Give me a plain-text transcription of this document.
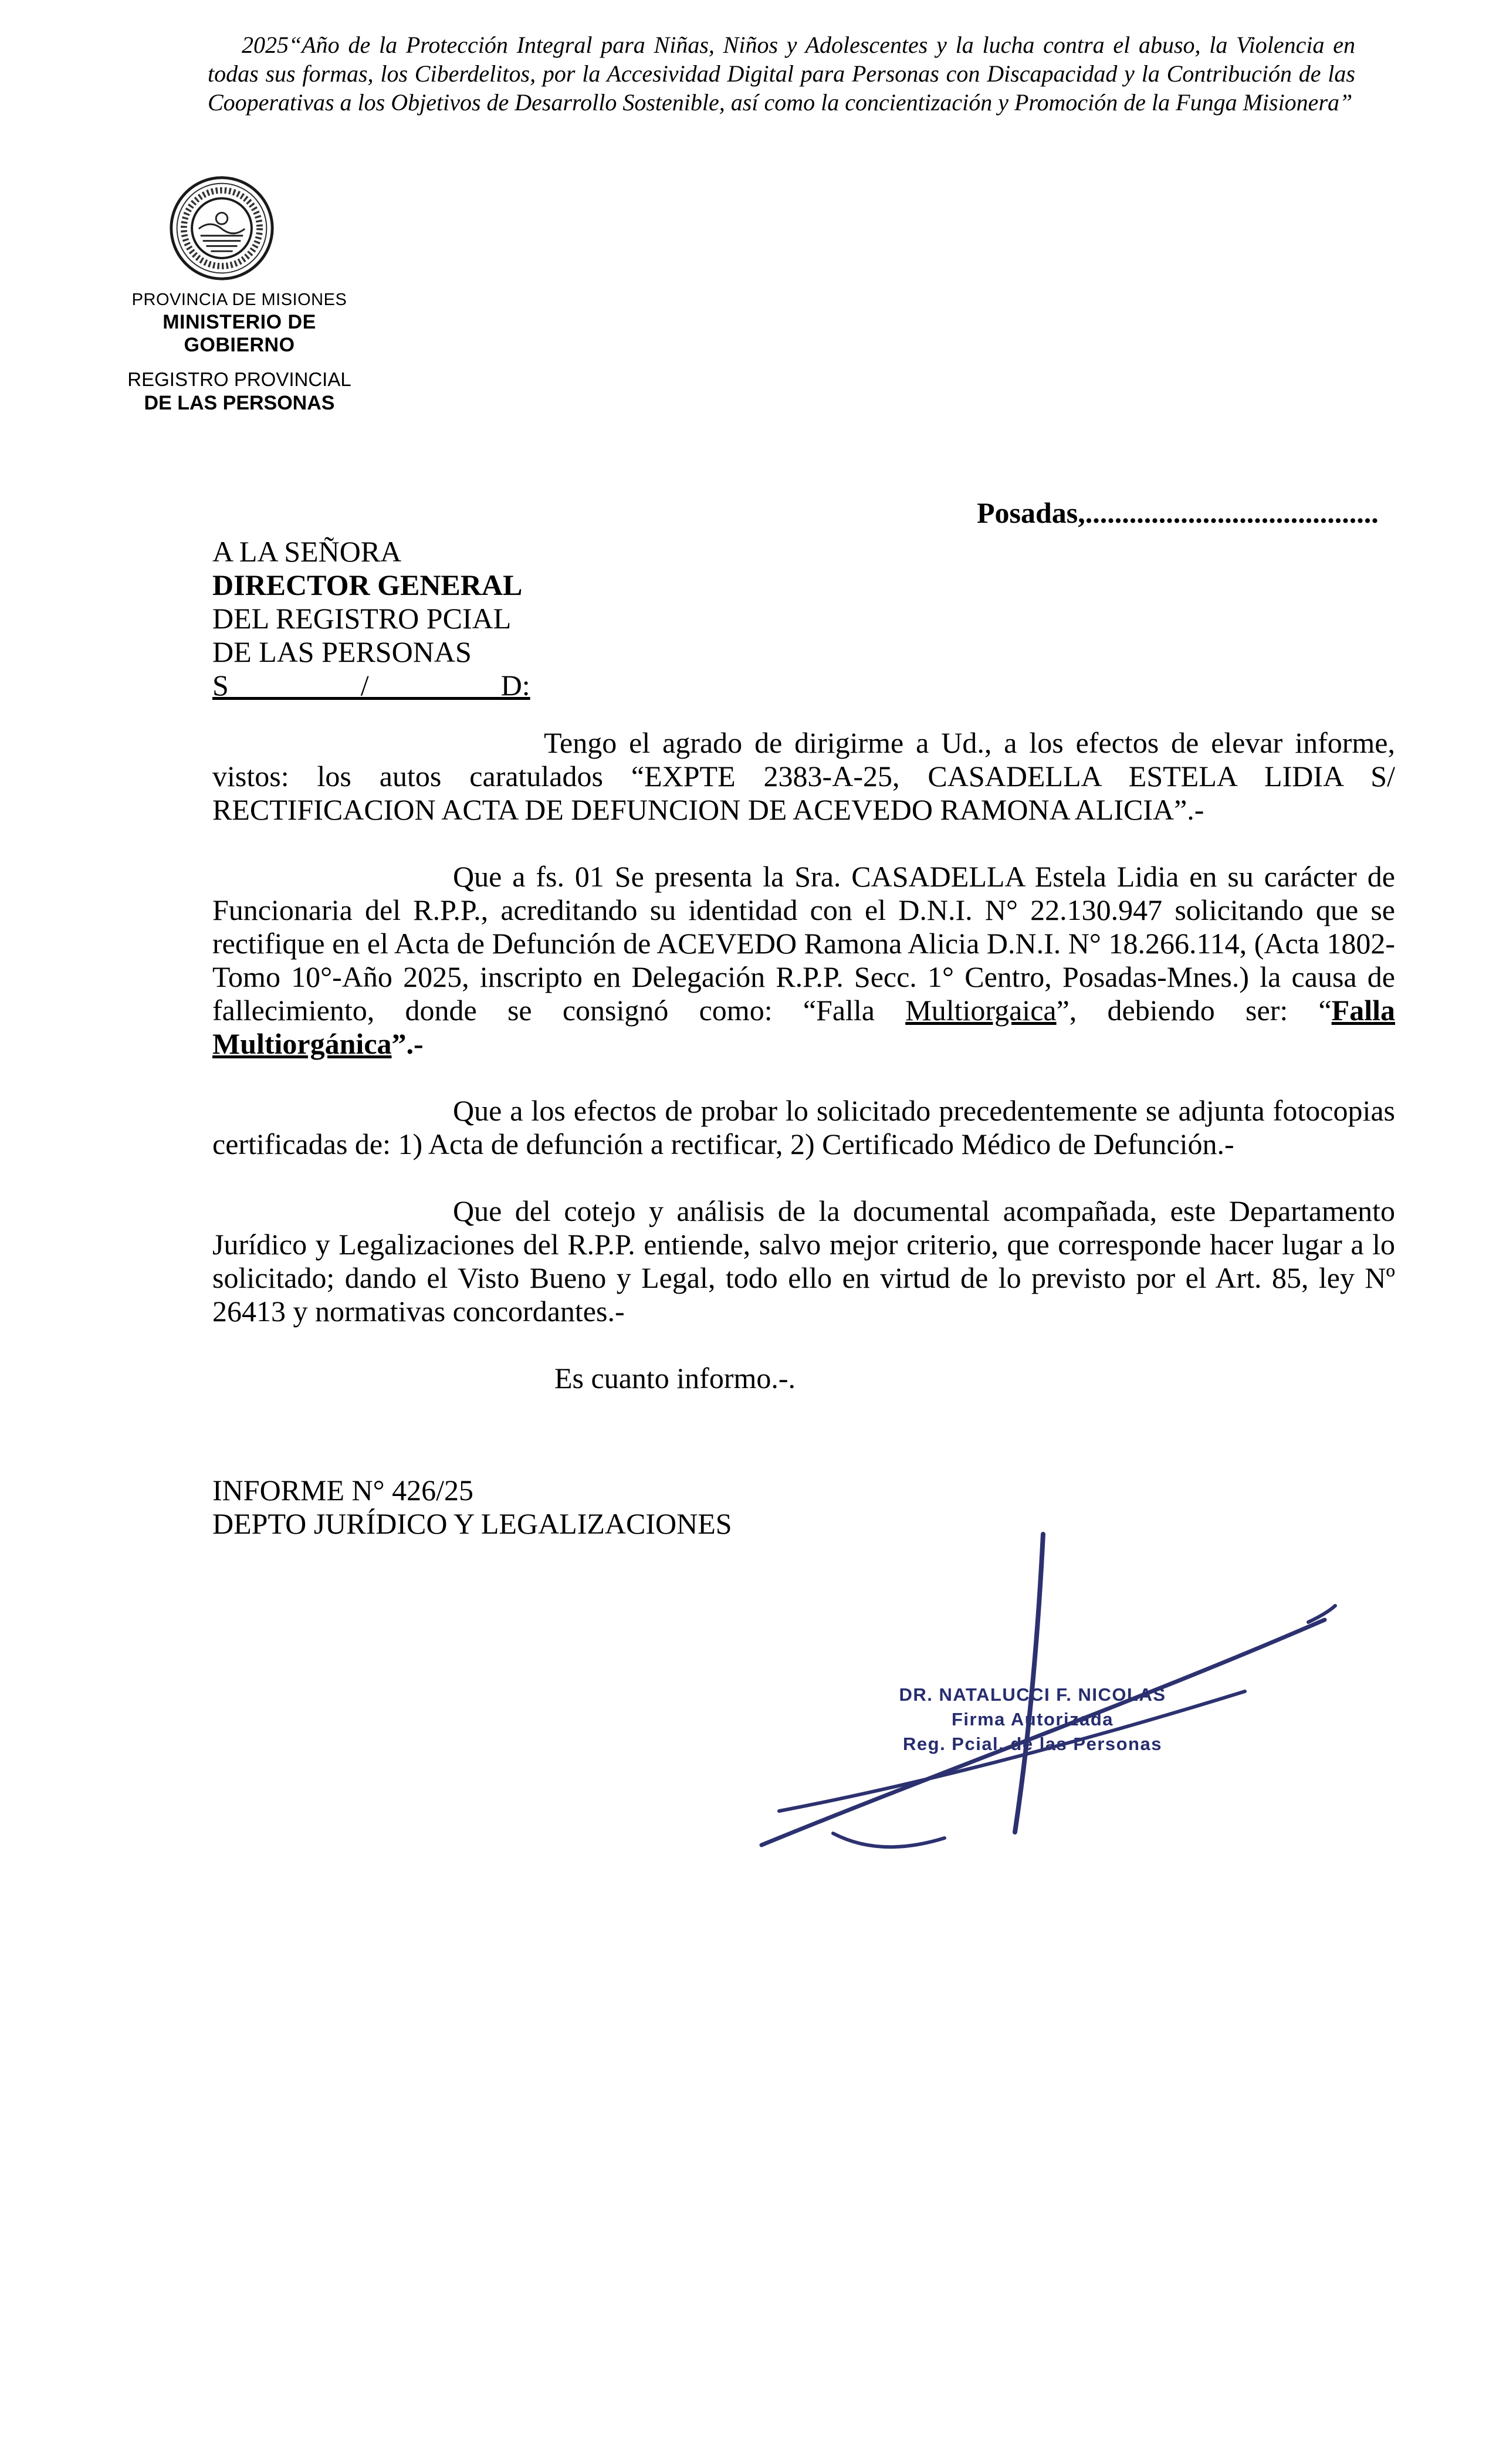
2025“Año de la Protección Integral para Niñas, Niños y Adolescentes y la lucha contra el abuso, la Violencia en todas sus formas, los Ciberdelitos, por la Accesividad Digital para Personas con Discapacidad y la Contribución de las Cooperativas a los Objetivos de Desarrollo Sostenible, así como la concientización y Promoción de la Funga Misionera”
PROVINCIA DE MISIONES
MINISTERIO DE GOBIERNO
REGISTRO PROVINCIAL
DE LAS PERSONAS
Posadas,........................................
A LA SEÑORA
DIRECTOR GENERAL
DEL REGISTRO PCIAL
DE LAS PERSONAS
S                  /                  D:

Tengo el agrado de dirigirme a Ud., a los efectos de elevar informe, vistos: los autos caratulados “EXPTE 2383-A-25, CASADELLA ESTELA LIDIA S/ RECTIFICACION ACTA DE DEFUNCION DE ACEVEDO RAMONA ALICIA”.-

Que a fs. 01 Se presenta la Sra. CASADELLA Estela Lidia en su carácter de Funcionaria del R.P.P., acreditando su identidad con el D.N.I. N° 22.130.947 solicitando que se rectifique en el Acta de Defunción de ACEVEDO Ramona Alicia D.N.I. N° 18.266.114, (Acta 1802-Tomo 10°-Año 2025, inscripto en Delegación R.P.P. Secc. 1° Centro, Posadas-Mnes.) la causa de fallecimiento, donde se consignó como: “Falla Multiorgaica”, debiendo ser: “Falla Multiorgánica”.-

Que a los efectos de probar lo solicitado precedentemente se adjunta fotocopias certificadas de: 1) Acta de defunción a rectificar, 2) Certificado Médico de Defunción.-

Que del cotejo y análisis de la documental acompañada, este Departamento Jurídico y Legalizaciones del R.P.P. entiende, salvo mejor criterio, que corresponde hacer lugar a lo solicitado; dando el Visto Bueno y Legal, todo ello en virtud de lo previsto por el Art. 85, ley Nº 26413 y normativas concordantes.-

Es cuanto informo.-.

INFORME N° 426/25
DEPTO JURÍDICO Y LEGALIZACIONES
DR. NATALUCCI F. NICOLAS
Firma Autorizada
Reg. Pcial. de las Personas
